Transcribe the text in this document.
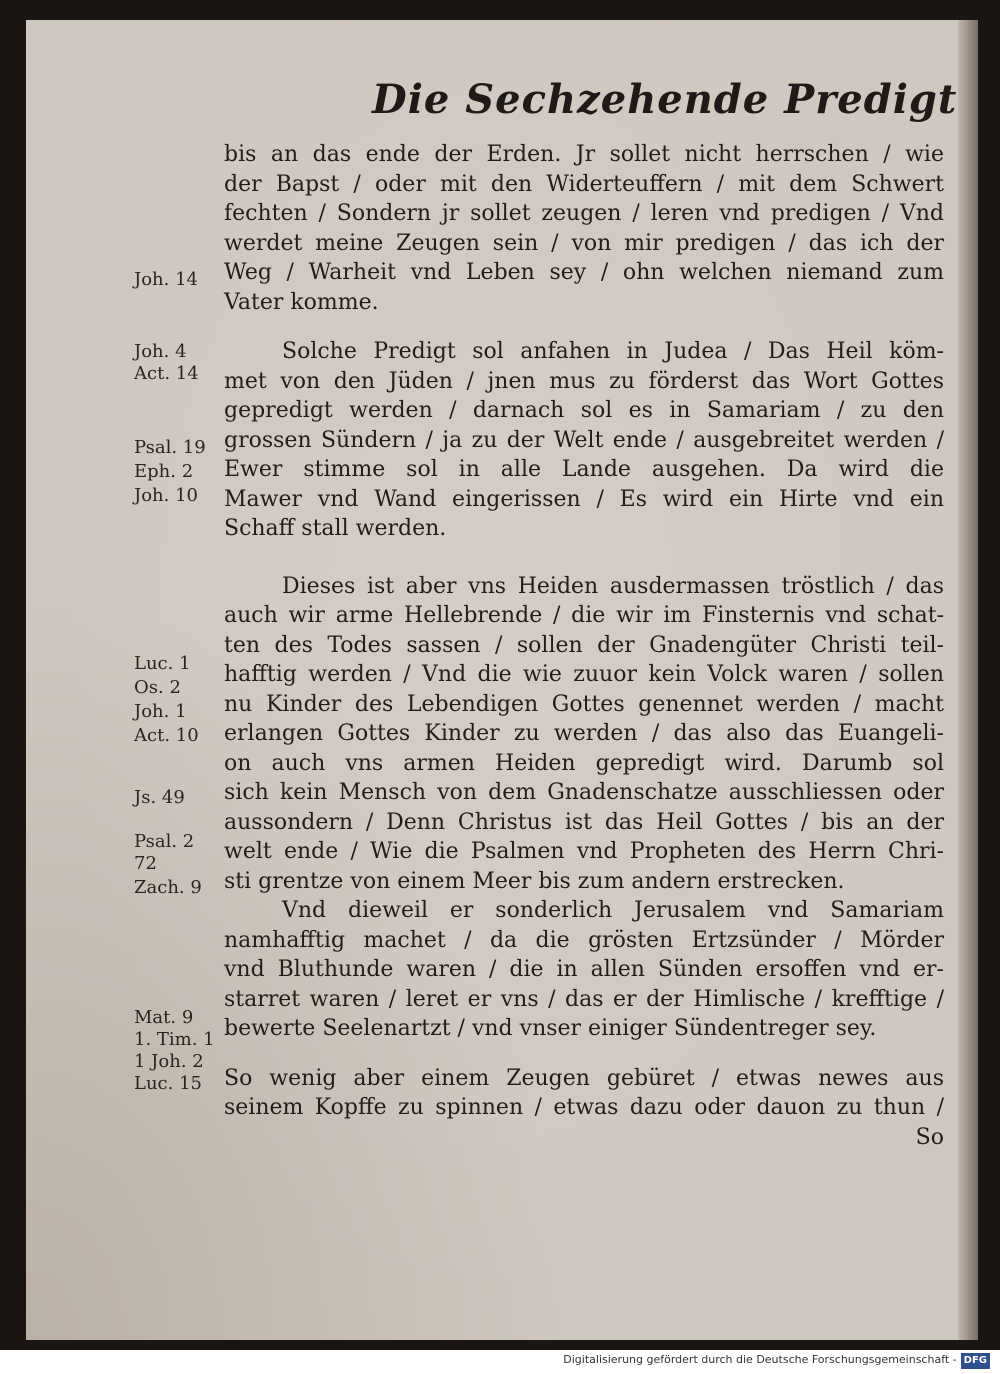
Die Sechzehende Predigt
Joh. 14
Joh. 4
Act. 14
Psal. 19
Eph. 2
Joh. 10
Luc. 1
Os. 2
Joh. 1
Act. 10
Js. 49
Psal. 2
72
Zach. 9
Mat. 9
1. Tim. 1
1 Joh. 2
Luc. 15
bis an das ende der Erden. Jr sollet nicht herrschen / wie
der Bapst / oder mit den Widerteuffern / mit dem Schwert
fechten / Sondern jr sollet zeugen / leren vnd predigen / Vnd
werdet meine Zeugen sein / von mir predigen / das ich der
Weg / Warheit vnd Leben sey / ohn welchen niemand zum
Vater komme.
Solche Predigt sol anfahen in Judea / Das Heil köm-
met von den Jüden / jnen mus zu förderst das Wort Gottes
gepredigt werden / darnach sol es in Samariam / zu den
grossen Sündern / ja zu der Welt ende / ausgebreitet werden /
Ewer stimme sol in alle Lande ausgehen. Da wird die
Mawer vnd Wand eingerissen / Es wird ein Hirte vnd ein
Schaff stall werden.
Dieses ist aber vns Heiden ausdermassen tröstlich / das
auch wir arme Hellebrende / die wir im Finsternis vnd schat-
ten des Todes sassen / sollen der Gnadengüter Christi teil-
hafftig werden / Vnd die wie zuuor kein Volck waren / sollen
nu Kinder des Lebendigen Gottes genennet werden / macht
erlangen Gottes Kinder zu werden / das also das Euangeli-
on auch vns armen Heiden gepredigt wird. Darumb sol
sich kein Mensch von dem Gnadenschatze ausschliessen oder
aussondern / Denn Christus ist das Heil Gottes / bis an der
welt ende / Wie die Psalmen vnd Propheten des Herrn Chri-
sti grentze von einem Meer bis zum andern erstrecken.
Vnd dieweil er sonderlich Jerusalem vnd Samariam
namhafftig machet / da die grösten Ertzsünder / Mörder
vnd Bluthunde waren / die in allen Sünden ersoffen vnd er-
starret waren / leret er vns / das er der Himlische / krefftige /
bewerte Seelenartzt / vnd vnser einiger Sündentreger sey.
So wenig aber einem Zeugen gebüret / etwas newes aus
seinem Kopffe zu spinnen / etwas dazu oder dauon zu thun /
So
Digitalisierung gefördert durch die Deutsche Forschungsgemeinschaft - DFG
